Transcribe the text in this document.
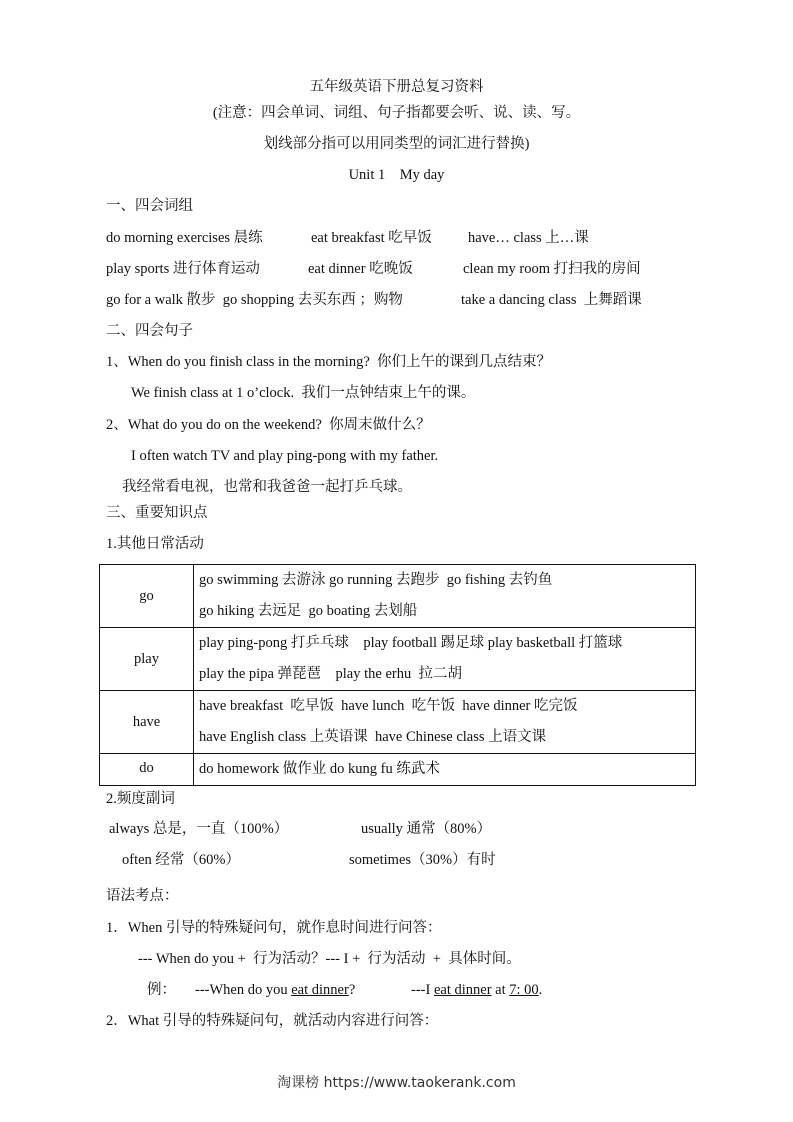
五年级英语下册总复习资料
(注意：四会单词、词组、句子指都要会听、说、读、写。
划线部分指可以用同类型的词汇进行替换)
Unit 1    My day
一、四会词组
do morning exercises 晨练	eat breakfast 吃早饭 have… class 上…课
play sports 进行体育运动	eat dinner 吃晚饭	clean my room 打扫我的房间
go for a walk 散步  go shopping 去买东西 ；购物	take a dancing class  上舞蹈课
二、四会句子
1、When do you finish class in the morning?  你们上午的课到几点结束？
We finish class at 1 o’clock.  我们一点钟结束上午的课。
2、What do you do on the weekend?  你周末做什么？
I often watch TV and play ping-pong with my father.
我经常看电视，也常和我爸爸一起打乒乓球。
三、重要知识点
1.其他日常活动
go	go swimming 去游泳 go running 去跑步  go fishing 去钓鱼
go hiking 去远足  go boating 去划船

play	play ping-pong 打乒乓球    play football 踢足球 play basketball 打篮球
play the pipa 弹琵琶    play the erhu  拉二胡

have	have breakfast  吃早饭  have lunch  吃午饭  have dinner 吃完饭
have English class 上英语课  have Chinese class 上语文课

do	do homework 做作业 do kung fu 练武术
2.频度副词
always 总是，一直（100%）	usually 通常（80%）
often 经常（60%）	sometimes（30%）有时
语法考点：
1．When 引导的特殊疑问句，就作息时间进行问答：
--- When do you +  行为活动？--- I +  行为活动  +  具体时间。
例： ---When do you eat dinner?	---I eat dinner at 7: 00.
2．What 引导的特殊疑问句，就活动内容进行问答：
淘课榜 https://www.taokerank.com
